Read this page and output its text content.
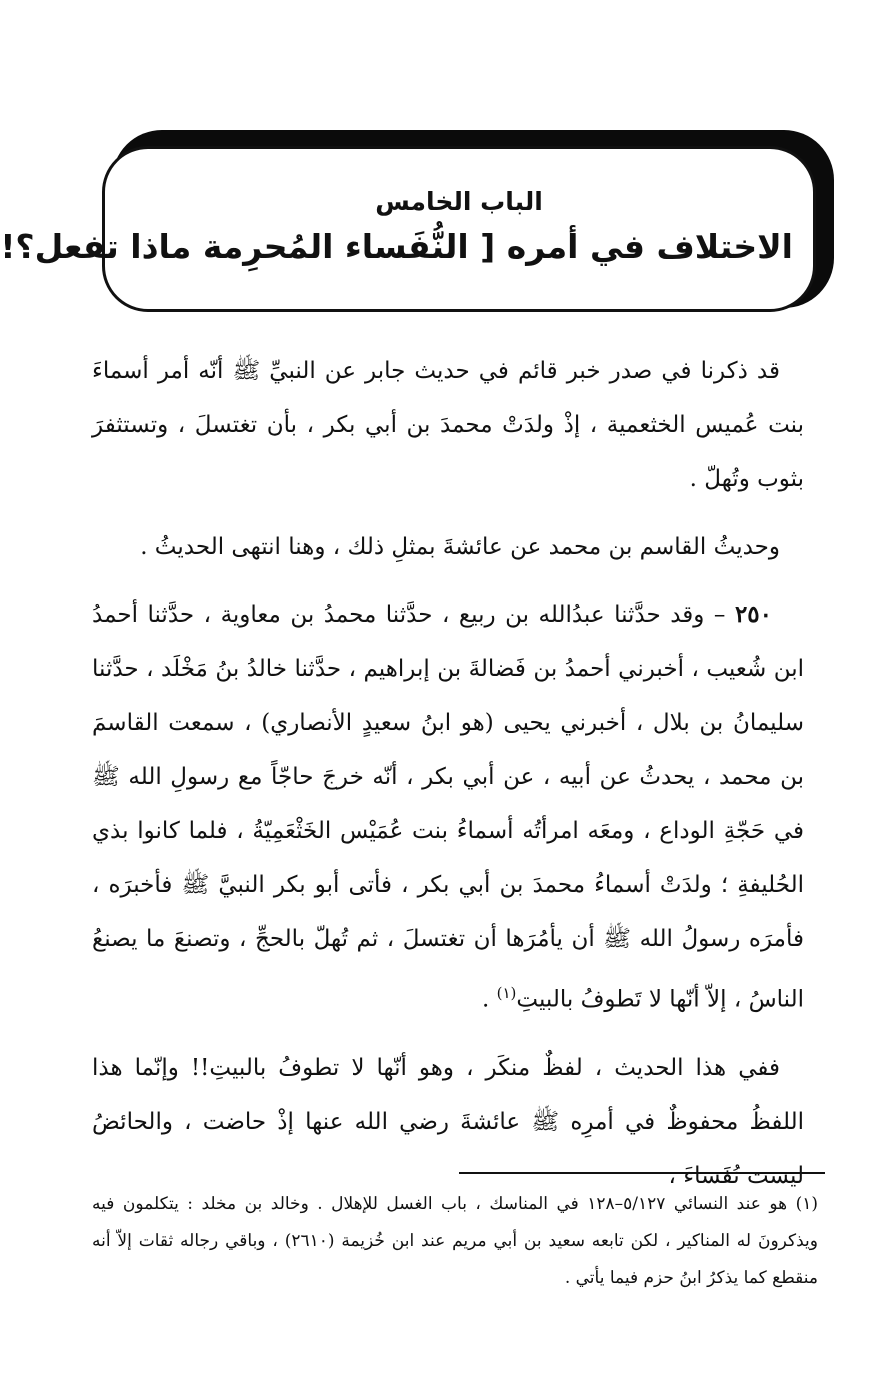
الباب الخامس

الاختلاف في أمره [ النُّفَساء المُحرِمة ماذا تفعل؟!

قد ذكرنا في صدر خبر قائم في حديث جابر عن النبيِّ ﷺ أنّه أمر أسماءَ بنت عُميس الخثعمية ، إذْ ولدَتْ محمدَ بن أبي بكر ، بأن تغتسلَ ، وتستثفرَ بثوب وتُهلّ .

وحديثُ القاسم بن محمد عن عائشةَ بمثلِ ذلك ، وهنا انتهى الحديثُ .

٢٥٠ – وقد حدَّثنا عبدُالله بن ربيع ، حدَّثنا محمدُ بن معاوية ، حدَّثنا أحمدُ ابن شُعيب ، أخبرني أحمدُ بن فَضالةَ بن إبراهيم ، حدَّثنا خالدُ بنُ مَخْلَد ، حدَّثنا سليمانُ بن بلال ، أخبرني يحيى (هو ابنُ سعيدٍ الأنصاري) ، سمعت القاسمَ بن محمد ، يحدثُ عن أبيه ، عن أبي بكر ، أنّه خرجَ حاجّاً مع رسولِ الله ﷺ في حَجّةِ الوداع ، ومعَه امرأتُه أسماءُ بنت عُمَيْس الخَثْعَمِيّةُ ، فلما كانوا بذي الحُليفةِ ؛ ولدَتْ أسماءُ محمدَ بن أبي بكر ، فأتى أبو بكر النبيَّ ﷺ فأخبرَه ، فأمرَه رسولُ الله ﷺ أن يأمُرَها أن تغتسلَ ، ثم تُهلّ بالحجِّ ، وتصنعَ ما يصنعُ الناسُ ، إلاّ أنّها لا تَطوفُ بالبيتِ$^{(١)}$ .

ففي هذا الحديث ، لفظٌ منكَر ، وهو أنّها لا تطوفُ بالبيتِ!! وإنّما هذا اللفظُ محفوظٌ في أمرِه ﷺ عائشةَ رضي الله عنها إذْ حاضت ، والحائضُ ليست نُفَساءَ ،

(١) هو عند النسائي ٥/١٢٧–١٢٨ في المناسك ، باب الغسل للإهلال . وخالد بن مخلد : يتكلمون فيه ويذكرونَ له المناكير ، لكن تابعه سعيد بن أبي مريم عند ابن خُزيمة (٢٦١٠) ، وباقي رجاله ثقات إلاّ أنه منقطع كما يذكرُ ابنُ حزم فيما يأتي .
